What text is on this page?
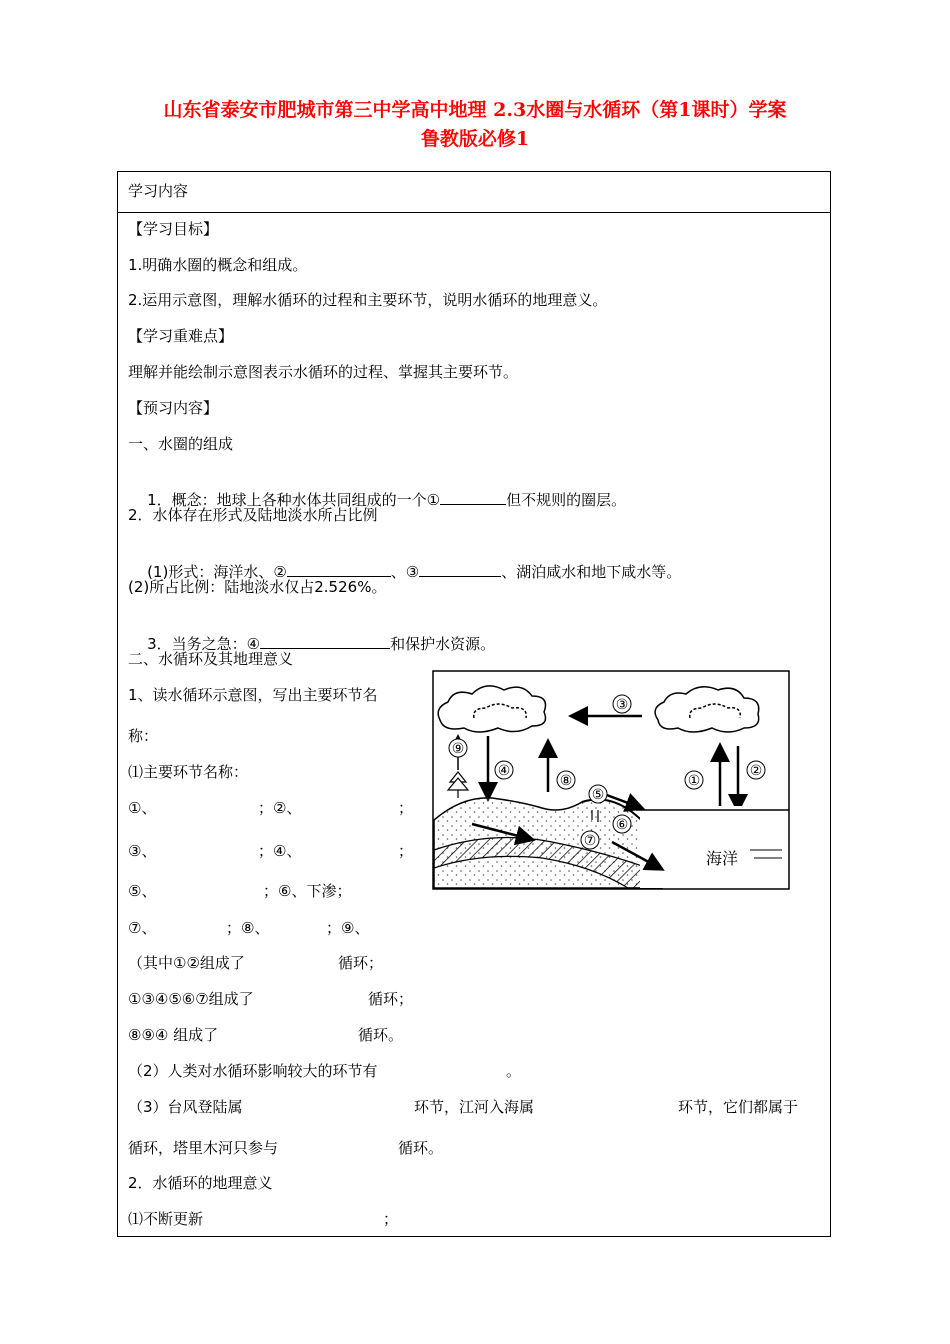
山东省泰安市肥城市第三中学高中地理 2.3水圈与水循环（第1课时）学案
鲁教版必修1
学习内容
【学习目标】
1.明确水圈的概念和组成。
2.运用示意图，理解水循环的过程和主要环节，说明水循环的地理意义。
【学习重难点】
理解并能绘制示意图表示水循环的过程、掌握其主要环节。
【预习内容】
一、水圈的组成

1．概念：地球上各种水体共同组成的一个①	但不规则的圈层。

2．水体存在形式及陆地淡水所占比例

(1)形式：海洋水、②	、③	、湖泊咸水和地下咸水等。

(2)所占比例：陆地淡水仅占2.526%。

3．当务之急：④	和保护水资源。

二、水循环及其地理意义
1、读水循环示意图，写出主要环节名
称：
⑴主要环节名称：
①、	；②、	；
③、	；④、	；
⑤、	；⑥、下渗；
⑦、	；⑧、	；⑨、
（其中①②组成了	循环；
①③④⑤⑥⑦组成了	循环；
⑧⑨④ 组成了	循环。
（2）人类对水循环影响较大的环节有	。
（3）台风登陆属	环节，江河入海属	环节，它们都属于
循环，塔里木河只参与	循环。
2．水循环的地理意义
⑴不断更新	；
③
⑨
④
⑧
⑤
①
②
⑥
⑦
海洋
